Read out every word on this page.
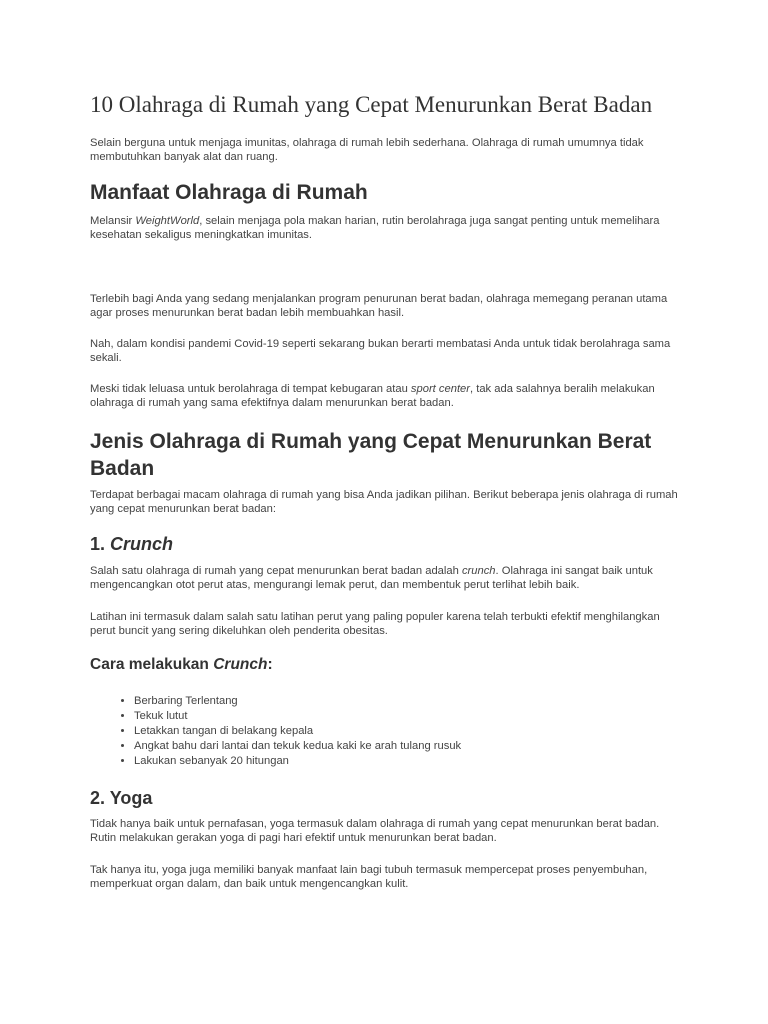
10 Olahraga di Rumah yang Cepat Menurunkan Berat Badan

Selain berguna untuk menjaga imunitas, olahraga di rumah lebih sederhana. Olahraga di rumah umumnya tidak membutuhkan banyak alat dan ruang.

Manfaat Olahraga di Rumah

Melansir WeightWorld, selain menjaga pola makan harian, rutin berolahraga juga sangat penting untuk memelihara kesehatan sekaligus meningkatkan imunitas.

Terlebih bagi Anda yang sedang menjalankan program penurunan berat badan, olahraga memegang peranan utama agar proses menurunkan berat badan lebih membuahkan hasil.

Nah, dalam kondisi pandemi Covid-19 seperti sekarang bukan berarti membatasi Anda untuk tidak berolahraga sama sekali.

Meski tidak leluasa untuk berolahraga di tempat kebugaran atau sport center, tak ada salahnya beralih melakukan olahraga di rumah yang sama efektifnya dalam menurunkan berat badan.

Jenis Olahraga di Rumah yang Cepat Menurunkan Berat Badan

Terdapat berbagai macam olahraga di rumah yang bisa Anda jadikan pilihan. Berikut beberapa jenis olahraga di rumah yang cepat menurunkan berat badan:

1. Crunch

Salah satu olahraga di rumah yang cepat menurunkan berat badan adalah crunch. Olahraga ini sangat baik untuk mengencangkan otot perut atas, mengurangi lemak perut, dan membentuk perut terlihat lebih baik.

Latihan ini termasuk dalam salah satu latihan perut yang paling populer karena telah terbukti efektif menghilangkan perut buncit yang sering dikeluhkan oleh penderita obesitas.

Cara melakukan Crunch:
• Berbaring Terlentang
• Tekuk lutut
• Letakkan tangan di belakang kepala
• Angkat bahu dari lantai dan tekuk kedua kaki ke arah tulang rusuk
• Lakukan sebanyak 20 hitungan
2. Yoga

Tidak hanya baik untuk pernafasan, yoga termasuk dalam olahraga di rumah yang cepat menurunkan berat badan. Rutin melakukan gerakan yoga di pagi hari efektif untuk menurunkan berat badan.

Tak hanya itu, yoga juga memiliki banyak manfaat lain bagi tubuh termasuk mempercepat proses penyembuhan, memperkuat organ dalam, dan baik untuk mengencangkan kulit.
